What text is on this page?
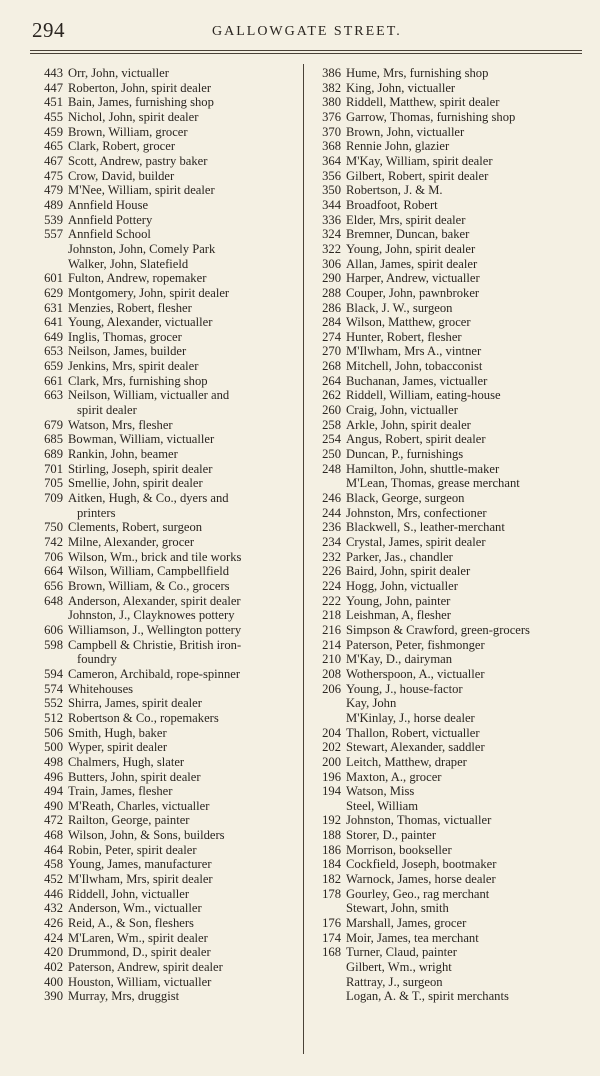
294	GALLOWGATE STREET.
443 Orr, John, victualler
447 Roberton, John, spirit dealer
451 Bain, James, furnishing shop
455 Nichol, John, spirit dealer
459 Brown, William, grocer
465 Clark, Robert, grocer
467 Scott, Andrew, pastry baker
475 Crow, David, builder
479 M'Nee, William, spirit dealer
489 Annfield House
539 Annfield Pottery
557 Annfield School
Johnston, John, Comely Park
Walker, John, Slatefield
601 Fulton, Andrew, ropemaker
629 Montgomery, John, spirit dealer
631 Menzies, Robert, flesher
641 Young, Alexander, victualler
649 Inglis, Thomas, grocer
653 Neilson, James, builder
659 Jenkins, Mrs, spirit dealer
661 Clark, Mrs, furnishing shop
663 Neilson, William, victualler and
spirit dealer
679 Watson, Mrs, flesher
685 Bowman, William, victualler
689 Rankin, John, beamer
701 Stirling, Joseph, spirit dealer
705 Smellie, John, spirit dealer
709 Aitken, Hugh, & Co., dyers and
printers
750 Clements, Robert, surgeon
742 Milne, Alexander, grocer
706 Wilson, Wm., brick and tile works
664 Wilson, William, Campbellfield
656 Brown, William, & Co., grocers
648 Anderson, Alexander, spirit dealer
Johnston, J., Clayknowes pottery
606 Williamson, J., Wellington pottery
598 Campbell & Christie, British iron-
foundry
594 Cameron, Archibald, rope-spinner
574 Whitehouses
552 Shirra, James, spirit dealer
512 Robertson & Co., ropemakers
506 Smith, Hugh, baker
500 Wyper, spirit dealer
498 Chalmers, Hugh, slater
496 Butters, John, spirit dealer
494 Train, James, flesher
490 M'Reath, Charles, victualler
472 Railton, George, painter
468 Wilson, John, & Sons, builders
464 Robin, Peter, spirit dealer
458 Young, James, manufacturer
452 M'Ilwham, Mrs, spirit dealer
446 Riddell, John, victualler
432 Anderson, Wm., victualler
426 Reid, A., & Son, fleshers
424 M'Laren, Wm., spirit dealer
420 Drummond, D., spirit dealer
402 Paterson, Andrew, spirit dealer
400 Houston, William, victualler
390 Murray, Mrs, druggist
386 Hume, Mrs, furnishing shop
382 King, John, victualler
380 Riddell, Matthew, spirit dealer
376 Garrow, Thomas, furnishing shop
370 Brown, John, victualler
368 Rennie John, glazier
364 M'Kay, William, spirit dealer
356 Gilbert, Robert, spirit dealer
350 Robertson, J. & M.
344 Broadfoot, Robert
336 Elder, Mrs, spirit dealer
324 Bremner, Duncan, baker
322 Young, John, spirit dealer
306 Allan, James, spirit dealer
290 Harper, Andrew, victualler
288 Couper, John, pawnbroker
286 Black, J. W., surgeon
284 Wilson, Matthew, grocer
274 Hunter, Robert, flesher
270 M'Ilwham, Mrs A., vintner
268 Mitchell, John, tobacconist
264 Buchanan, James, victualler
262 Riddell, William, eating-house
260 Craig, John, victualler
258 Arkle, John, spirit dealer
254 Angus, Robert, spirit dealer
250 Duncan, P., furnishings
248 Hamilton, John, shuttle-maker
M'Lean, Thomas, grease merchant
246 Black, George, surgeon
244 Johnston, Mrs, confectioner
236 Blackwell, S., leather-merchant
234 Crystal, James, spirit dealer
232 Parker, Jas., chandler
226 Baird, John, spirit dealer
224 Hogg, John, victualler
222 Young, John, painter
218 Leishman, A, flesher
216 Simpson & Crawford, green-grocers
214 Paterson, Peter, fishmonger
210 M'Kay, D., dairyman
208 Wotherspoon, A., victualler
206 Young, J., house-factor
Kay, John
M'Kinlay, J., horse dealer
204 Thallon, Robert, victualler
202 Stewart, Alexander, saddler
200 Leitch, Matthew, draper
196 Maxton, A., grocer
194 Watson, Miss
Steel, William
192 Johnston, Thomas, victualler
188 Storer, D., painter
186 Morrison, bookseller
184 Cockfield, Joseph, bootmaker
182 Warnock, James, horse dealer
178 Gourley, Geo., rag merchant
Stewart, John, smith
176 Marshall, James, grocer
174 Moir, James, tea merchant
168 Turner, Claud, painter
Gilbert, Wm., wright
Rattray, J., surgeon
Logan, A. & T., spirit merchants
